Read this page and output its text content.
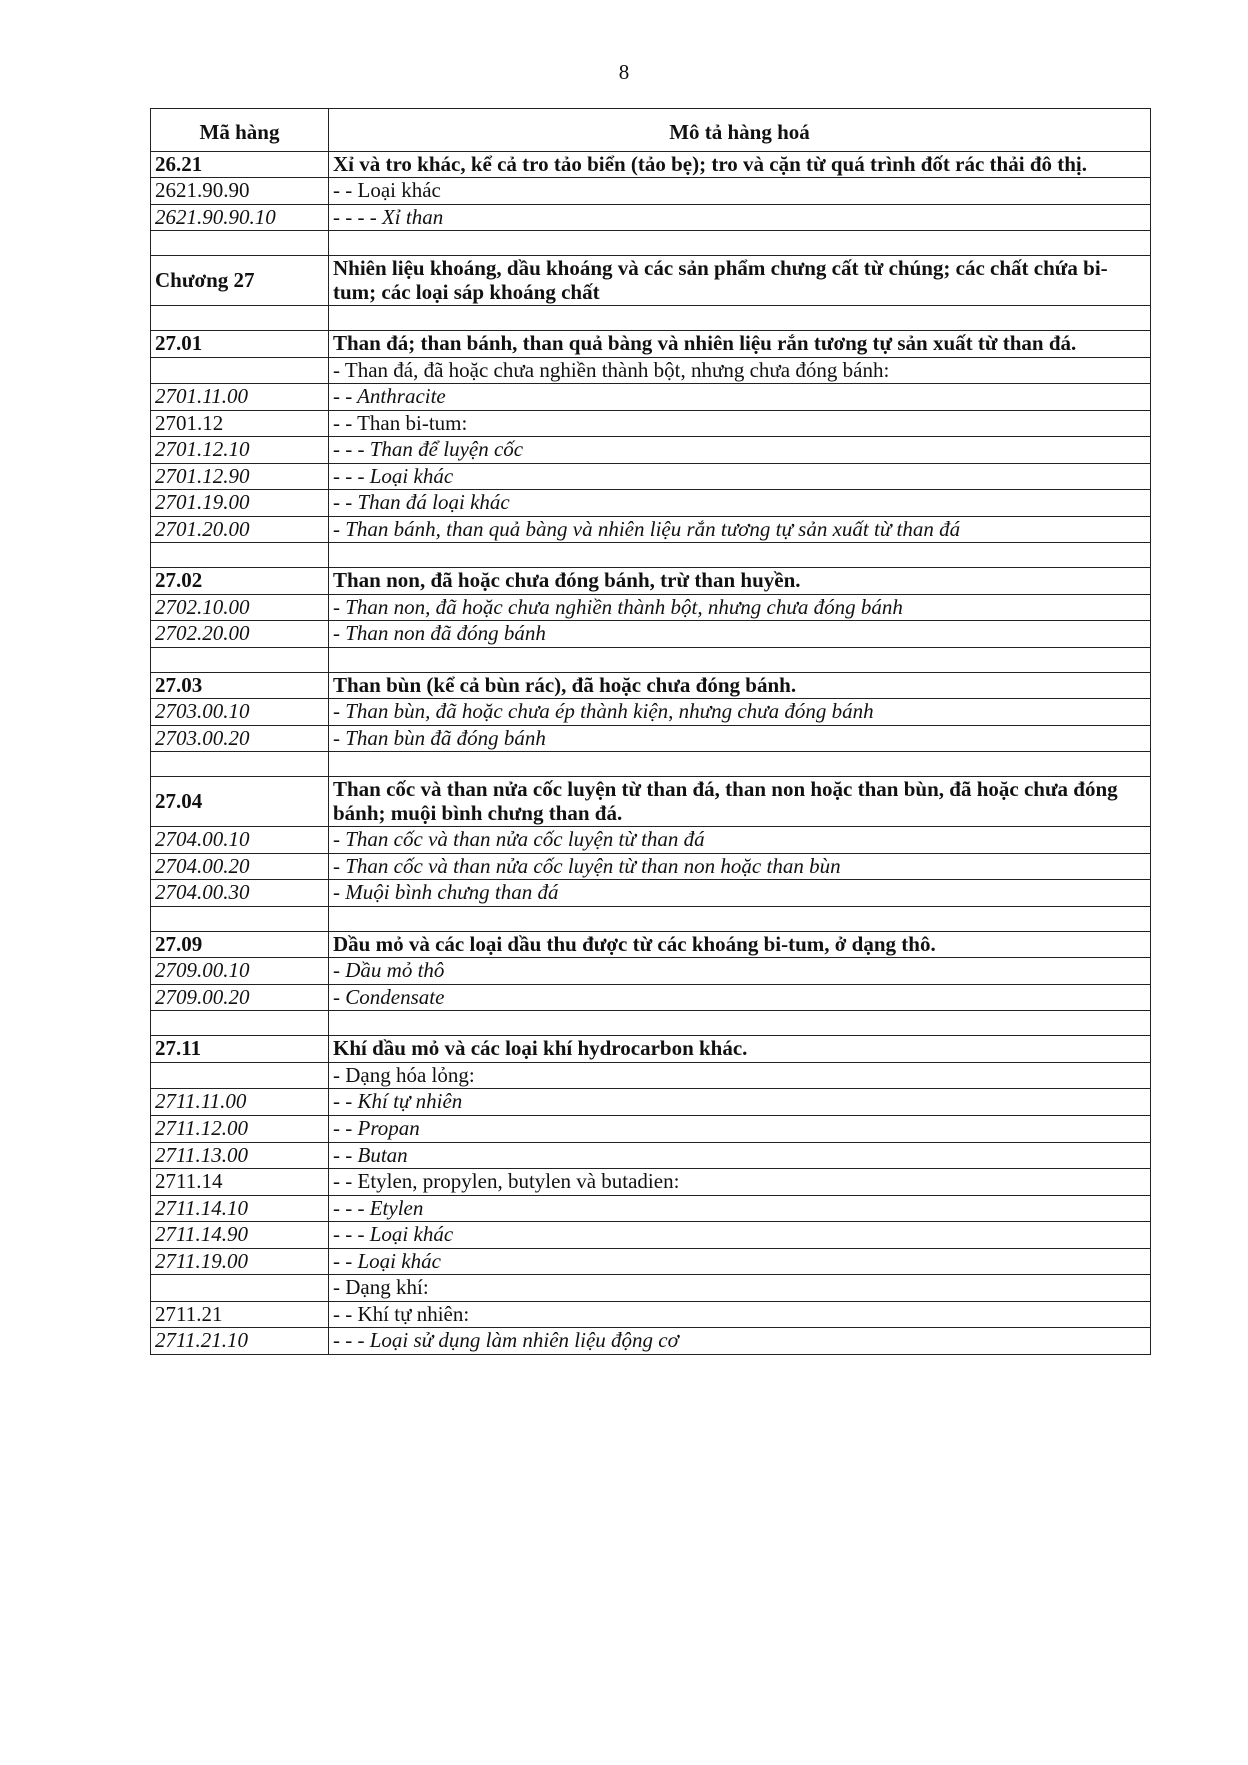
8
Mã hàng	Mô tả hàng hoá
26.21	Xỉ và tro khác, kể cả tro tảo biển (tảo bẹ); tro và cặn từ quá trình đốt rác thải đô thị.
2621.90.90	- - Loại khác
2621.90.90.10	- - - - Xỉ than

Chương 27	Nhiên liệu khoáng, dầu khoáng và các sản phẩm chưng cất từ chúng; các chất chứa bi-tum; các loại sáp khoáng chất

27.01	Than đá; than bánh, than quả bàng và nhiên liệu rắn tương tự sản xuất từ than đá.
	- Than đá, đã hoặc chưa nghiền thành bột, nhưng chưa đóng bánh:
2701.11.00	- - Anthracite
2701.12	- - Than bi-tum:
2701.12.10	- - - Than để luyện cốc
2701.12.90	- - - Loại khác
2701.19.00	- - Than đá loại khác
2701.20.00	- Than bánh, than quả bàng và nhiên liệu rắn tương tự sản xuất từ than đá

27.02	Than non, đã hoặc chưa đóng bánh, trừ than huyền.
2702.10.00	- Than non, đã hoặc chưa nghiền thành bột, nhưng chưa đóng bánh
2702.20.00	- Than non đã đóng bánh

27.03	Than bùn (kể cả bùn rác), đã hoặc chưa đóng bánh.
2703.00.10	- Than bùn, đã hoặc chưa ép thành kiện, nhưng chưa đóng bánh
2703.00.20	- Than bùn đã đóng bánh

27.04	Than cốc và than nửa cốc luyện từ than đá, than non hoặc than bùn, đã hoặc chưa đóng bánh; muội bình chưng than đá.
2704.00.10	- Than cốc và than nửa cốc luyện từ than đá
2704.00.20	- Than cốc và than nửa cốc luyện từ than non hoặc than bùn
2704.00.30	- Muội bình chưng than đá

27.09	Dầu mỏ và các loại dầu thu được từ các khoáng bi-tum, ở dạng thô.
2709.00.10	- Dầu mỏ thô
2709.00.20	- Condensate

27.11	Khí dầu mỏ và các loại khí hydrocarbon khác.
	- Dạng hóa lỏng:
2711.11.00	- - Khí tự nhiên
2711.12.00	- - Propan
2711.13.00	- - Butan
2711.14	- - Etylen, propylen, butylen và butadien:
2711.14.10	- - - Etylen
2711.14.90	- - - Loại khác
2711.19.00	- - Loại khác
	- Dạng khí:
2711.21	- - Khí tự nhiên:
2711.21.10	- - - Loại sử dụng làm nhiên liệu động cơ
